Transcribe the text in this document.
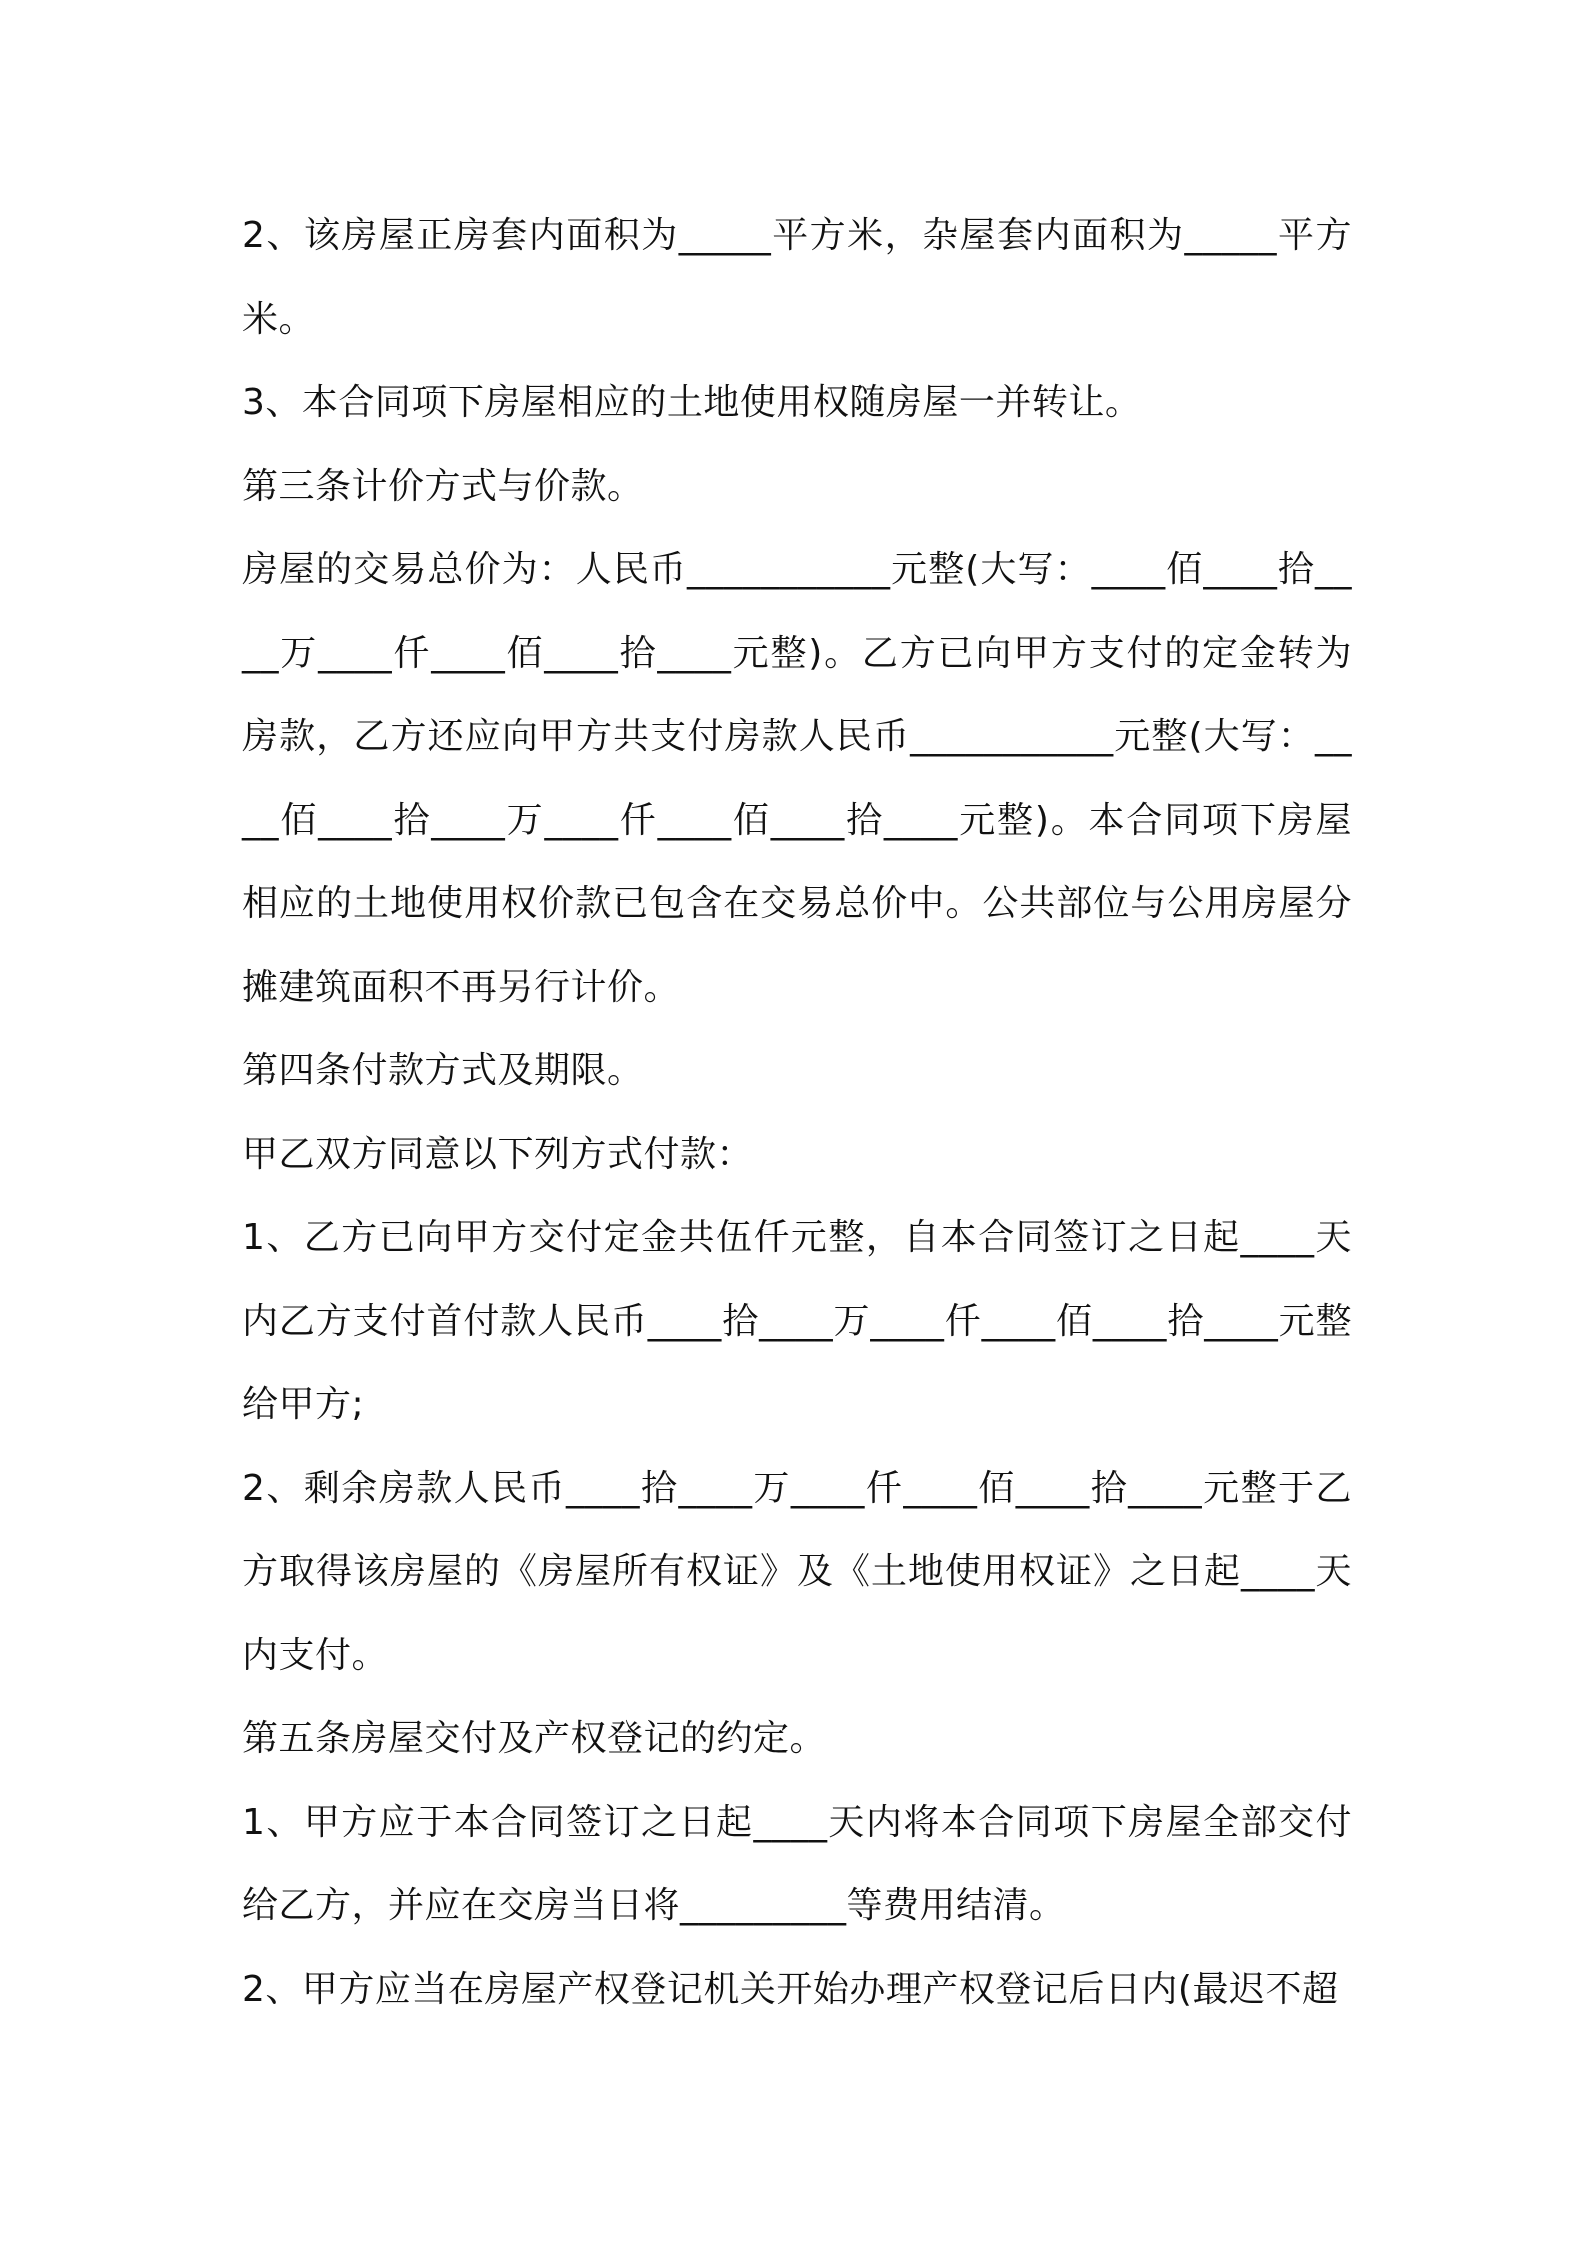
2、该房屋正房套内面积为_____平方米，杂屋套内面积为_____平方米。

3、本合同项下房屋相应的土地使用权随房屋一并转让。

第三条计价方式与价款。

房屋的交易总价为：人民币___________元整(大写：____佰____拾____万____仟____佰____拾____元整)。乙方已向甲方支付的定金转为房款，乙方还应向甲方共支付房款人民币___________元整(大写：____佰____拾____万____仟____佰____拾____元整)。本合同项下房屋相应的土地使用权价款已包含在交易总价中。公共部位与公用房屋分摊建筑面积不再另行计价。

第四条付款方式及期限。

甲乙双方同意以下列方式付款：

1、乙方已向甲方交付定金共伍仟元整，自本合同签订之日起____天内乙方支付首付款人民币____拾____万____仟____佰____拾____元整给甲方;

2、剩余房款人民币____拾____万____仟____佰____拾____元整于乙方取得该房屋的《房屋所有权证》及《土地使用权证》之日起____天内支付。

第五条房屋交付及产权登记的约定。

1、甲方应于本合同签订之日起____天内将本合同项下房屋全部交付给乙方，并应在交房当日将_________等费用结清。

2、甲方应当在房屋产权登记机关开始办理产权登记后日内(最迟不超
